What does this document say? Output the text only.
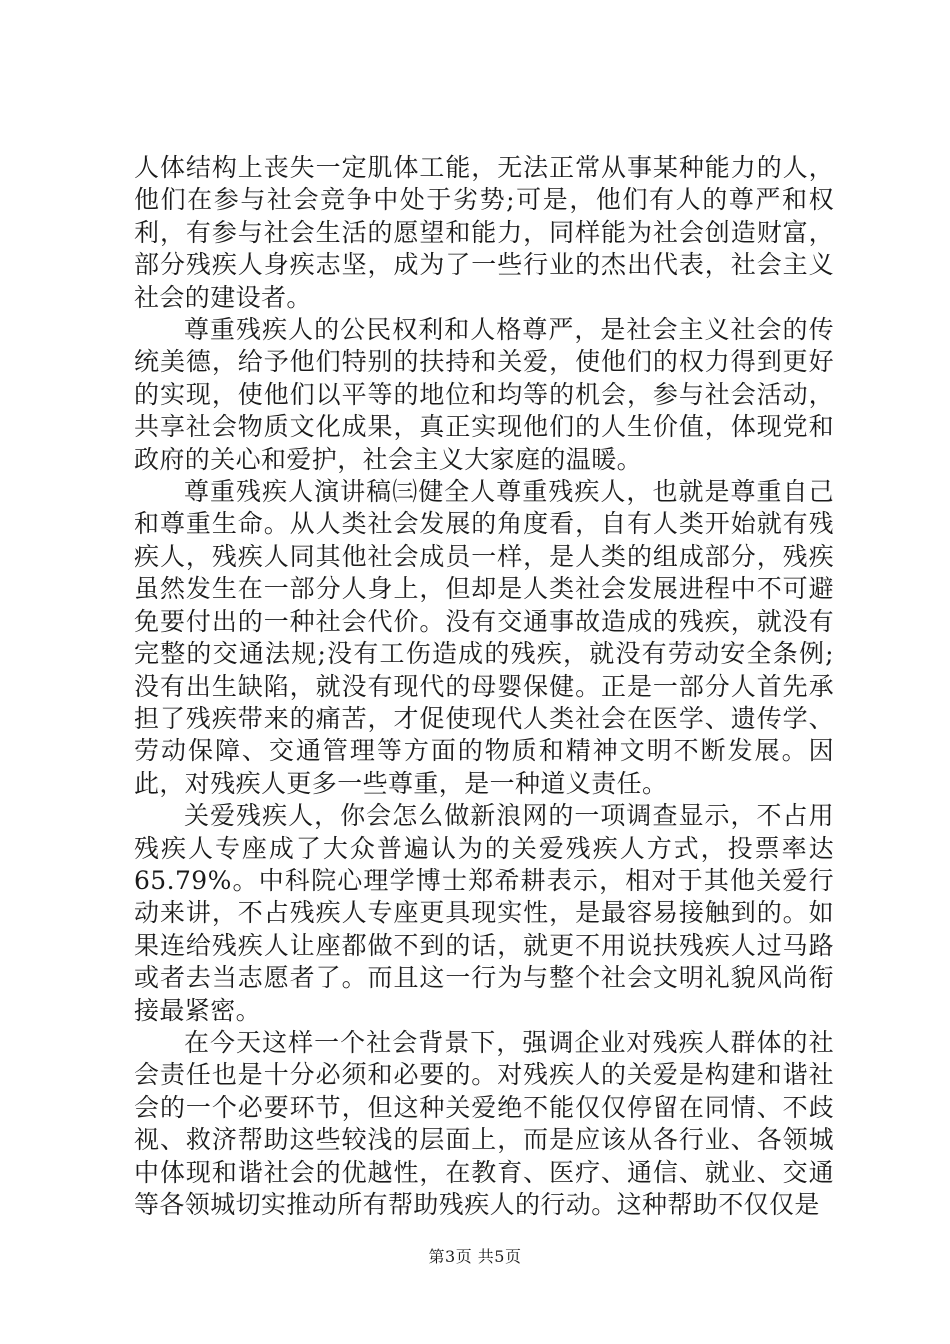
人体结构上丧失一定肌体工能，无法正常从事某种能力的人，他们在参与社会竞争中处于劣势;可是，他们有人的尊严和权利，有参与社会生活的愿望和能力，同样能为社会创造财富，部分残疾人身疾志坚，成为了一些行业的杰出代表，社会主义社会的建设者。

尊重残疾人的公民权利和人格尊严，是社会主义社会的传统美德，给予他们特别的扶持和关爱，使他们的权力得到更好的实现，使他们以平等的地位和均等的机会，参与社会活动，共享社会物质文化成果，真正实现他们的人生价值，体现党和政府的关心和爱护，社会主义大家庭的温暖。

尊重残疾人演讲稿㈢健全人尊重残疾人，也就是尊重自己和尊重生命。从人类社会发展的角度看，自有人类开始就有残疾人，残疾人同其他社会成员一样，是人类的组成部分，残疾虽然发生在一部分人身上，但却是人类社会发展进程中不可避免要付出的一种社会代价。没有交通事故造成的残疾，就没有完整的交通法规;没有工伤造成的残疾，就没有劳动安全条例;没有出生缺陷，就没有现代的母婴保健。正是一部分人首先承担了残疾带来的痛苦，才促使现代人类社会在医学、遗传学、劳动保障、交通管理等方面的物质和精神文明不断发展。因此，对残疾人更多一些尊重，是一种道义责任。

关爱残疾人，你会怎么做新浪网的一项调查显示，不占用残疾人专座成了大众普遍认为的关爱残疾人方式，投票率达65.79%。中科院心理学博士郑希耕表示，相对于其他关爱行动来讲，不占残疾人专座更具现实性，是最容易接触到的。如果连给残疾人让座都做不到的话，就更不用说扶残疾人过马路或者去当志愿者了。而且这一行为与整个社会文明礼貌风尚衔接最紧密。

在今天这样一个社会背景下，强调企业对残疾人群体的社会责任也是十分必须和必要的。对残疾人的关爱是构建和谐社会的一个必要环节，但这种关爱绝不能仅仅停留在同情、不歧视、救济帮助这些较浅的层面上，而是应该从各行业、各领城中体现和谐社会的优越性，在教育、医疗、通信、就业、交通等各领城切实推动所有帮助残疾人的行动。这种帮助不仅仅是

第3页 共5页
